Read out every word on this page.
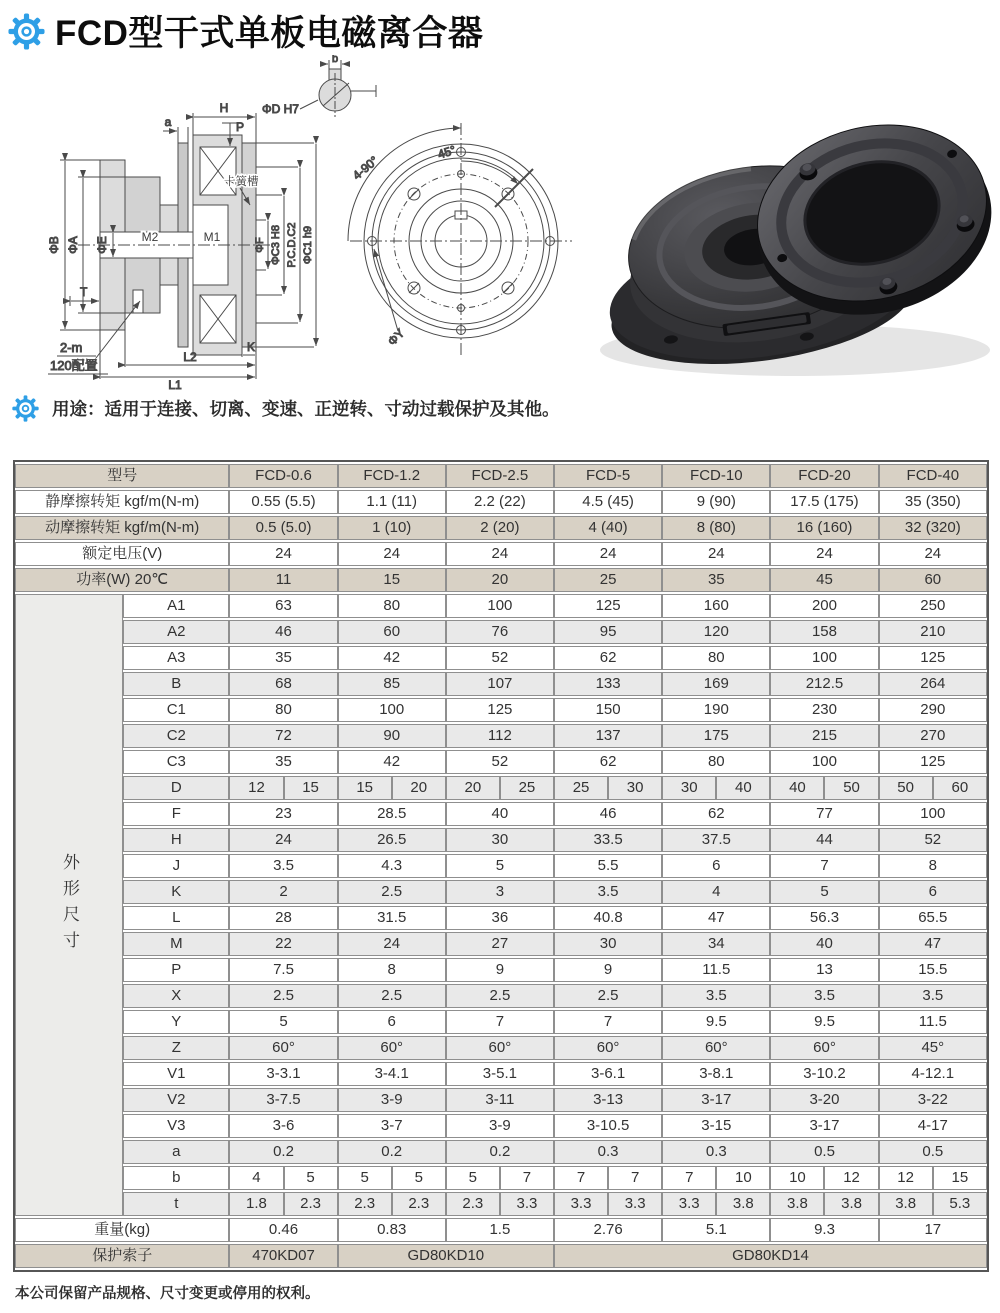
FCD型干式单板电磁离合器
M2	M1
ΦB ΦA ΦE
H
a	P
ΦF ΦC3 H8 P.C.D.C2 ΦC1 h9
卡簧槽
T
2-m
120配置
K
L2
L1
ΦD H7
b
4-90°
45°
ΦY
用途：适用于连接、切离、变速、正逆转、寸动过载保护及其他。
型号		FCD-0.6		FCD-1.2		FCD-2.5		FCD-5		FCD-10		FCD-20		FCD-40	
静摩擦转矩 kgf/m(N-m)		0.55 (5.5)		1.1 (11)		2.2 (22)		4.5 (45)		9 (90)		17.5 (175)		35 (350)	
动摩擦转矩 kgf/m(N-m)		0.5 (5.0)		1 (10)		2 (20)		4 (40)		8 (80)		16 (160)		32 (320)	
额定电压(V)		24		24		24		24		24		24		24	
功率(W) 20℃		11		15		20		25		35		45		60	

外形尺寸	A1	63		80		100		125		160		200		250	
	A2	46		60		76		95		120		158		210	
	A3	35		42		52		62		80		100		125	
	B	68		85		107		133		169		212.5		264	
	C1	80		100		125		150		190		230		290	
	C2	72		90		112		137		175		215		270	
	C3	35		42		52		62		80		100		125	
	D	12	15	15	20	20	25	25	30	30	40	40	50	50	60
	F	23		28.5		40		46		62		77		100	
	H	24		26.5		30		33.5		37.5		44		52	
	J	3.5		4.3		5		5.5		6		7		8	
	K	2		2.5		3		3.5		4		5		6	
	L	28		31.5		36		40.8		47		56.3		65.5	
	M	22		24		27		30		34		40		47	
	P	7.5		8		9		9		11.5		13		15.5	
	X	2.5		2.5		2.5		2.5		3.5		3.5		3.5	
	Y	5		6		7		7		9.5		9.5		11.5	
	Z	60°		60°		60°		60°		60°		60°		45°	
	V1	3-3.1		3-4.1		3-5.1		3-6.1		3-8.1		3-10.2		4-12.1	
	V2	3-7.5		3-9		3-11		3-13		3-17		3-20		3-22	
	V3	3-6		3-7		3-9		3-10.5		3-15		3-17		4-17	
	a	0.2		0.2		0.2		0.3		0.3		0.5		0.5	
	b	4	5	5	5	5	7	7	7	7	10	10	12	12	15
	t	1.8	2.3	2.3	2.3	2.3	3.3	3.3	3.3	3.3	3.8	3.8	3.8	3.8	5.3
重量(kg)		0.46		0.83		1.5		2.76		5.1		9.3		17	
保护索子		470KD07		GD80KD10				GD80KD14							
本公司保留产品规格、尺寸变更或停用的权利。
